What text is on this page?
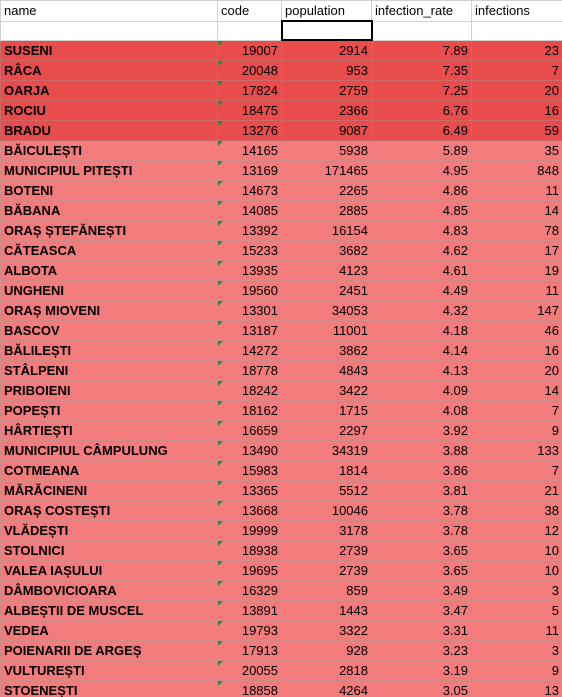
name	code	population	infection_rate	infections

SUSENI	19007	2914	7.89	23
RÂCA	20048	953	7.35	7
OARJA	17824	2759	7.25	20
ROCIU	18475	2366	6.76	16
BRADU	13276	9087	6.49	59
BĂICULEȘTI	14165	5938	5.89	35
MUNICIPIUL PITEȘTI	13169	171465	4.95	848
BOTENI	14673	2265	4.86	11
BĂBANA	14085	2885	4.85	14
ORAȘ ȘTEFĂNEȘTI	13392	16154	4.83	78
CĂTEASCA	15233	3682	4.62	17
ALBOTA	13935	4123	4.61	19
UNGHENI	19560	2451	4.49	11
ORAȘ MIOVENI	13301	34053	4.32	147
BASCOV	13187	11001	4.18	46
BĂLILEȘTI	14272	3862	4.14	16
STÂLPENI	18778	4843	4.13	20
PRIBOIENI	18242	3422	4.09	14
POPEȘTI	18162	1715	4.08	7
HÂRTIEȘTI	16659	2297	3.92	9
MUNICIPIUL CÂMPULUNG	13490	34319	3.88	133
COTMEANA	15983	1814	3.86	7
MĂRĂCINENI	13365	5512	3.81	21
ORAȘ COSTEȘTI	13668	10046	3.78	38
VLĂDEȘTI	19999	3178	3.78	12
STOLNICI	18938	2739	3.65	10
VALEA IAȘULUI	19695	2739	3.65	10
DÂMBOVICIOARA	16329	859	3.49	3
ALBEȘTII DE MUSCEL	13891	1443	3.47	5
VEDEA	19793	3322	3.31	11
POIENARII DE ARGEȘ	17913	928	3.23	3
VULTUREȘTI	20055	2818	3.19	9
STOENEȘTI	18858	4264	3.05	13
